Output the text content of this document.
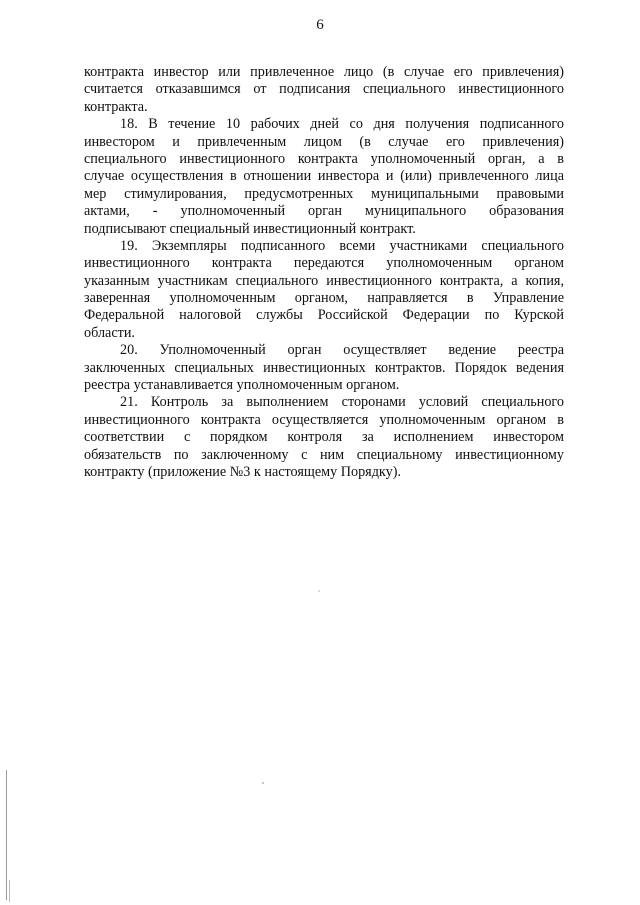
6
контракта инвестор или привлеченное лицо (в случае его привлечения)
считается отказавшимся от подписания специального инвестиционного
контракта.
18. В течение 10 рабочих дней со дня получения подписанного
инвестором и привлеченным лицом (в случае его привлечения)
специального инвестиционного контракта уполномоченный орган, а в
случае осуществления в отношении инвестора и (или) привлеченного лица
мер стимулирования, предусмотренных муниципальными правовыми
актами, - уполномоченный орган муниципального образования
подписывают специальный инвестиционный контракт.
19. Экземпляры подписанного всеми участниками специального
инвестиционного контракта передаются уполномоченным органом
указанным участникам специального инвестиционного контракта, а копия,
заверенная уполномоченным органом, направляется в Управление
Федеральной налоговой службы Российской Федерации по Курской
области.
20. Уполномоченный орган осуществляет ведение реестра
заключенных специальных инвестиционных контрактов. Порядок ведения
реестра устанавливается уполномоченным органом.
21. Контроль за выполнением сторонами условий специального
инвестиционного контракта осуществляется уполномоченным органом в
соответствии с порядком контроля за исполнением инвестором
обязательств по заключенному с ним специальному инвестиционному
контракту (приложение №3 к настоящему Порядку).
